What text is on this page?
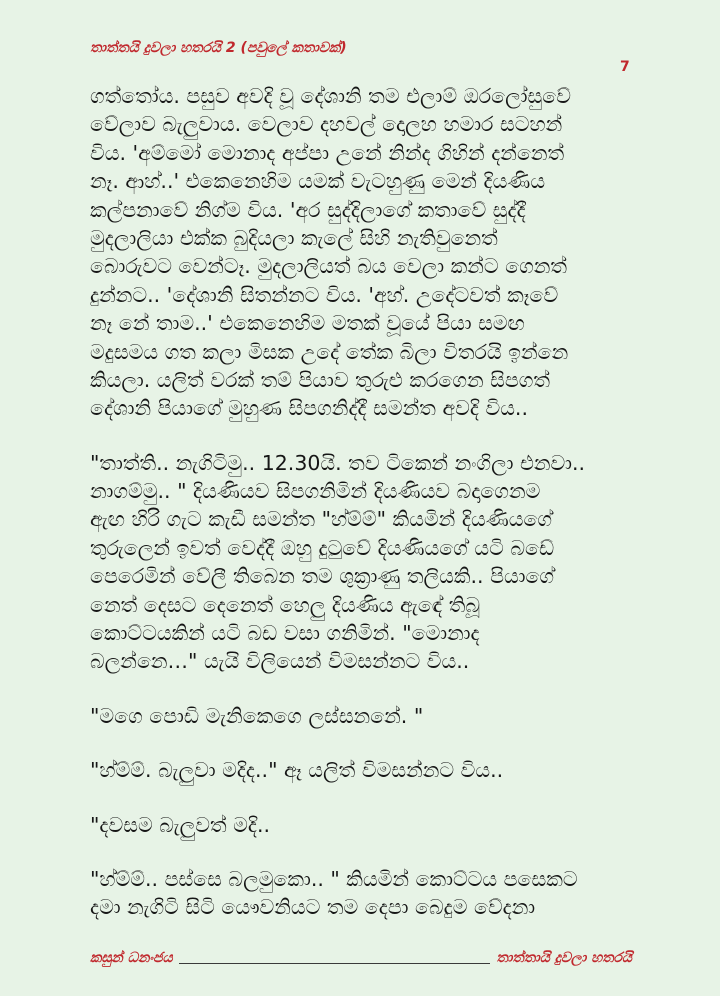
තාත්තයි දුවලා හතරයි 2 (පවුලේ කතාවක්)
7
ගත්තෝය. පසුව අවදි වූ දේශානි තම එලාම් ඔරලෝසුවේ
වේලාව බැලුවාය. වෙලාව දහවල් දොලහ හමාර සටහන්
විය. 'අම්මෝ මොනාද අප්පා උනේ නින්ද ගිහින් දන්නෙත්
නෑ. ආහ්..' එකෙනෙහිම යමක් වැටහුණු මෙන් දියණිය
කල්පනාවේ නිග්ම විය. 'අර සුද්දිලාගේ කතාවේ සුද්දී
මුදලාලියා එක්ක බුදියලා කැලේ සිහි නැතිවුනෙත්
බොරුවට වෙන්ටෑ. මුදලාලියත් බය වෙලා කන්ට ගෙනත්
දුන්නට.. 'දේශානි සිතන්නට විය. 'අහ්. උදේටවත් කෑවේ
නෑ නේ තාම..' එකෙනෙහිම මතක් වූයේ පියා සමඟ
මදුසමය ගත කලා මිසක උදේ තේක බිලා විතරයි ඉන්නෙ
කියලා. යලිත් වරක් තම් පියාව තුරුළු කරගෙන සිපගත්
දේශානි පියාගේ මුහුණ සිපගනිද්දී සමන්ත අවදි විය..
"තාත්ති.. නැගිටිමු.. 12.30යි. තව ටිකෙන් නංගිලා එනවා..
නාගම්මු.. " දියණියව සිපගනිමින් දියණියව බදාගෙනම
ඇඟ හිරි ගැට කැඩී සමන්ත "හ්ම්ම්" කියමින් දියණියගේ
තුරුලෙන් ඉවත් වෙද්දී ඔහු දුටුවේ දියණියගේ යටි බඩේ
පෙරෙමින් වේලී තිබෙන තම ශුක්‍රාණු තලියකි.. පියාගේ
නෙත් දෙසට දෙනෙත් හෙලු දියණිය ඇඳේ තිබූ
කොට්ටයකින් යටි බඩ වසා ගනිමින්. "මොනාද
බලන්නෙ…" යැයි විලියෙන් විමසන්නට විය..
"මගෙ පොඩි මැනිකෙගෙ ලස්සනනේ. "
"හ්ම්ම්. බැලුවා මදිද.." ඈ යලිත් විමසන්නට විය..
"දවසම බැලුවත් මදි..
"හ්ම්ම්.. පස්සෙ බලමුකො.. " කියමින් කොට්ටය පසෙකට
දමා නැගිටි සිටි යෞවනියට තම දෙපා බෙදුම වේදනා
කසුන් ධනංජය	තාත්තායි දුවලා හතරයි
